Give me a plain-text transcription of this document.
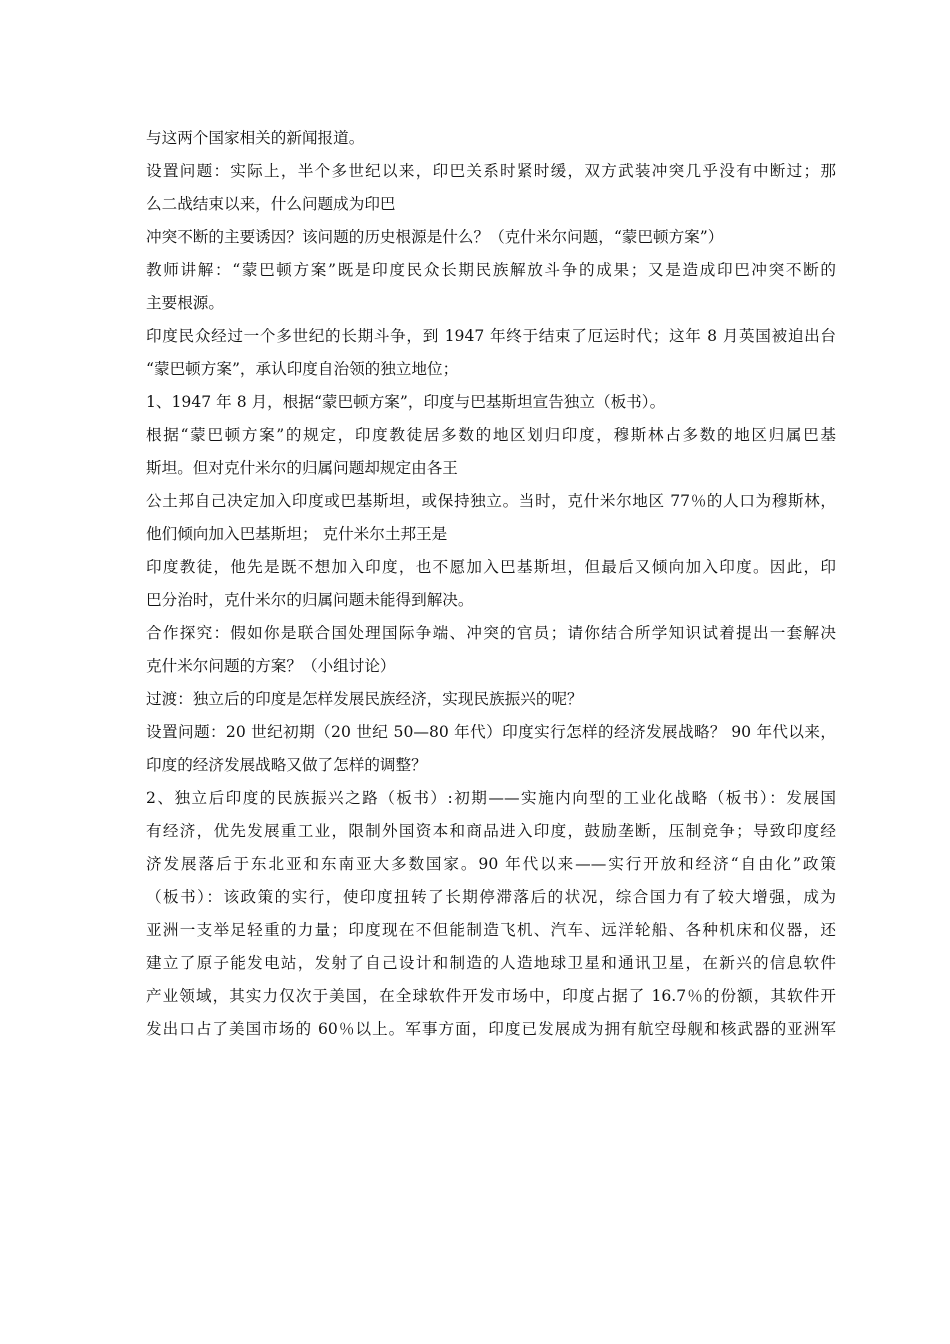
与这两个国家相关的新闻报道。
设置问题：实际上，半个多世纪以来，印巴关系时紧时缓，双方武装冲突几乎没有中断过；那
么二战结束以来，什么问题成为印巴
冲突不断的主要诱因？该问题的历史根源是什么？（克什米尔问题，“蒙巴顿方案”）
教师讲解：“蒙巴顿方案”既是印度民众长期民族解放斗争的成果；又是造成印巴冲突不断的
主要根源。
印度民众经过一个多世纪的长期斗争，到 1947 年终于结束了厄运时代；这年 8 月英国被迫出台
“蒙巴顿方案”，承认印度自治领的独立地位；
1、1947 年 8 月，根据“蒙巴顿方案”，印度与巴基斯坦宣告独立（板书）。
根据“蒙巴顿方案”的规定，印度教徒居多数的地区划归印度，穆斯林占多数的地区归属巴基
斯坦。但对克什米尔的归属问题却规定由各王
公土邦自己决定加入印度或巴基斯坦，或保持独立。当时，克什米尔地区 77％的人口为穆斯林，
他们倾向加入巴基斯坦； 克什米尔土邦王是
印度教徒，他先是既不想加入印度，也不愿加入巴基斯坦，但最后又倾向加入印度。因此，印
巴分治时，克什米尔的归属问题未能得到解决。
合作探究：假如你是联合国处理国际争端、冲突的官员；请你结合所学知识试着提出一套解决
克什米尔问题的方案？（小组讨论）
过渡：独立后的印度是怎样发展民族经济，实现民族振兴的呢？
设置问题：20 世纪初期（20 世纪 50—80 年代）印度实行怎样的经济发展战略？ 90 年代以来，
印度的经济发展战略又做了怎样的调整？
2、独立后印度的民族振兴之路（板书）:初期——实施内向型的工业化战略（板书）：发展国
有经济，优先发展重工业，限制外国资本和商品进入印度，鼓励垄断，压制竞争；导致印度经
济发展落后于东北亚和东南亚大多数国家。90 年代以来——实行开放和经济“自由化”政策
（板书）：该政策的实行，使印度扭转了长期停滞落后的状况，综合国力有了较大增强，成为
亚洲一支举足轻重的力量；印度现在不但能制造飞机、汽车、远洋轮船、各种机床和仪器，还
建立了原子能发电站，发射了自己设计和制造的人造地球卫星和通讯卫星，在新兴的信息软件
产业领域，其实力仅次于美国，在全球软件开发市场中，印度占据了 16.7％的份额，其软件开
发出口占了美国市场的 60％以上。军事方面，印度已发展成为拥有航空母舰和核武器的亚洲军
